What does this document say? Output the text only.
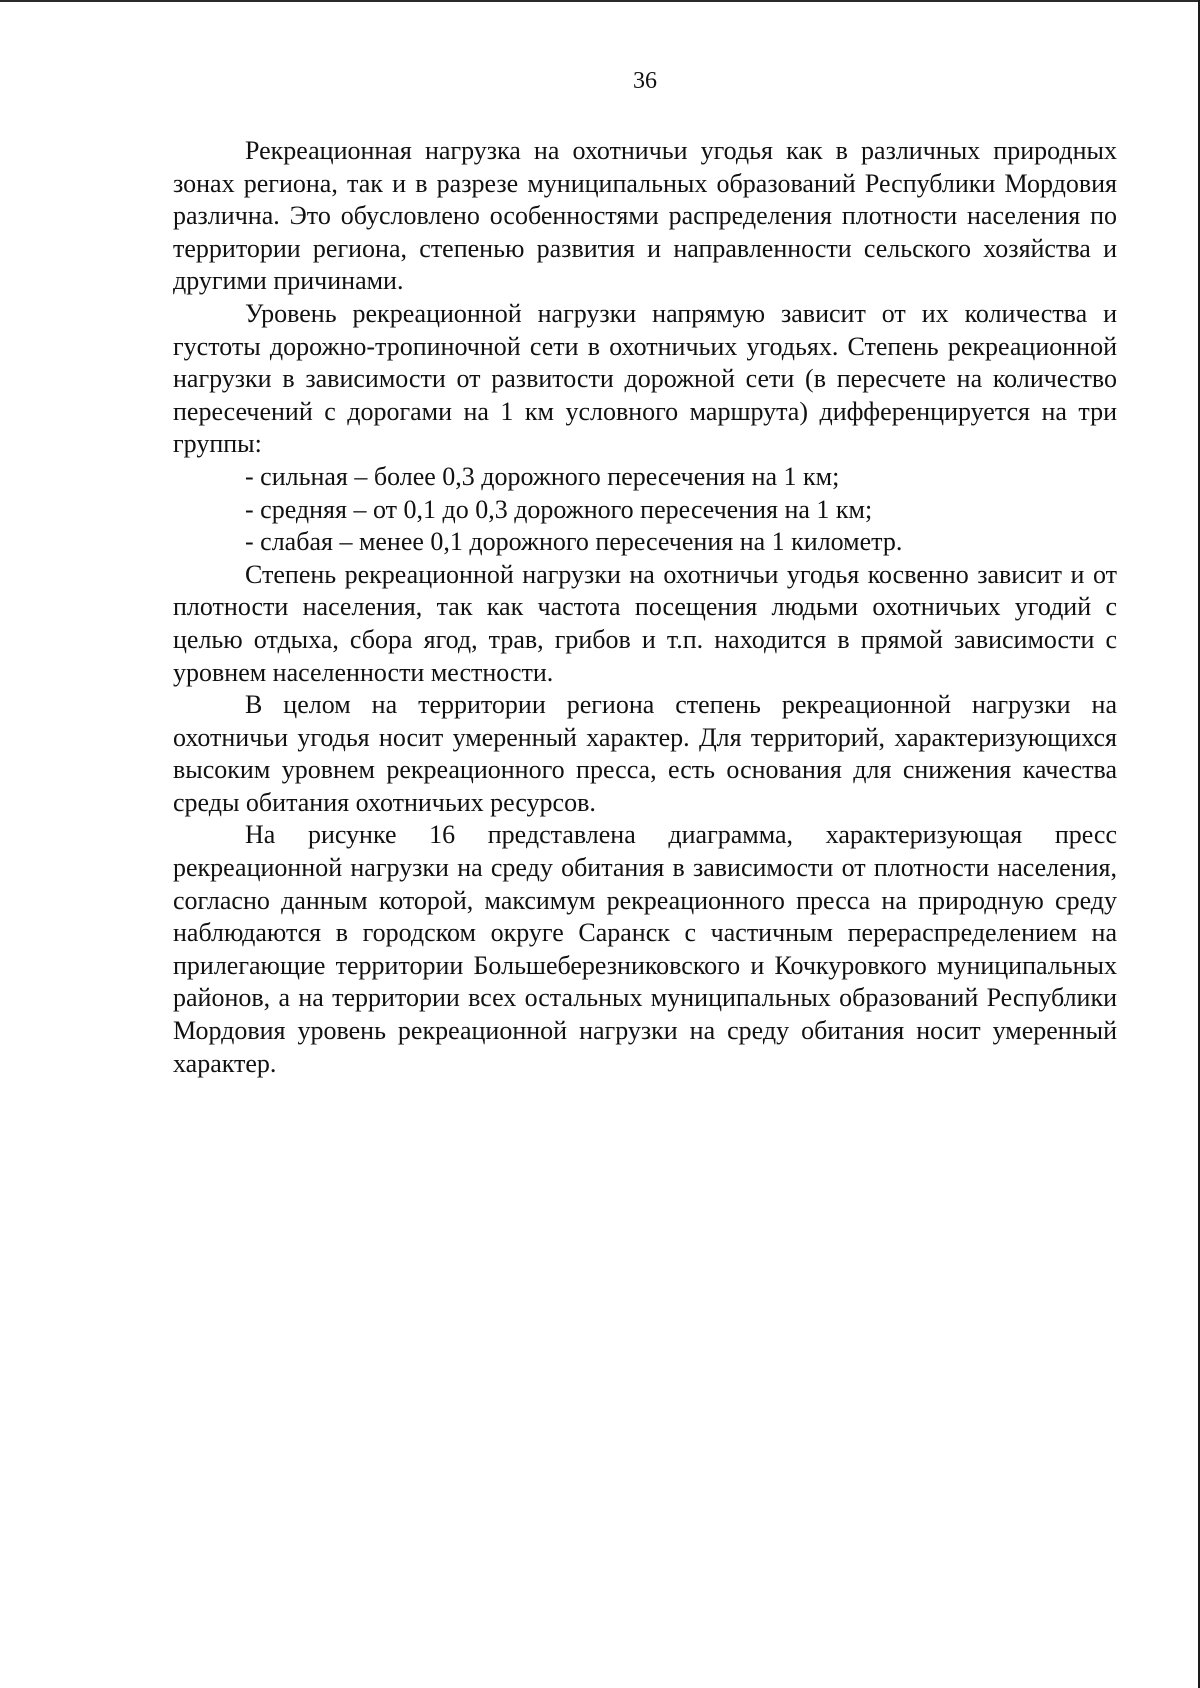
36

Рекреационная нагрузка на охотничьи угодья как в различных природных зонах региона, так и в разрезе муниципальных образований Республики Мордовия различна. Это обусловлено особенностями распределения плотности населения по территории региона, степенью развития и направленности сельского хозяйства и другими причинами.

Уровень рекреационной нагрузки напрямую зависит от их количества и густоты дорожно-тропиночной сети в охотничьих угодьях. Степень рекреационной нагрузки в зависимости от развитости дорожной сети (в пересчете на количество пересечений с дорогами на 1 км условного маршрута) дифференцируется на три группы:

- сильная – более 0,3 дорожного пересечения на 1 км;

- средняя – от 0,1 до 0,3 дорожного пересечения на 1 км;

- слабая – менее 0,1 дорожного пересечения на 1 километр.

Степень рекреационной нагрузки на охотничьи угодья косвенно зависит и от плотности населения, так как частота посещения людьми охотничьих угодий с целью отдыха, сбора ягод, трав, грибов и т.п. находится в прямой зависимости с уровнем населенности местности.

В целом на территории региона степень рекреационной нагрузки на охотничьи угодья носит умеренный характер. Для территорий, характеризующихся высоким уровнем рекреационного пресса, есть основания для снижения качества среды обитания охотничьих ресурсов.

На рисунке 16 представлена диаграмма, характеризующая пресс рекреационной нагрузки на среду обитания в зависимости от плотности населения, согласно данным которой, максимум рекреационного пресса на природную среду наблюдаются в городском округе Саранск с частичным перераспределением на прилегающие территории Большеберезниковского и Кочкуровкого муниципальных районов, а на территории всех остальных муниципальных образований Республики Мордовия уровень рекреационной нагрузки на среду обитания носит умеренный характер.
